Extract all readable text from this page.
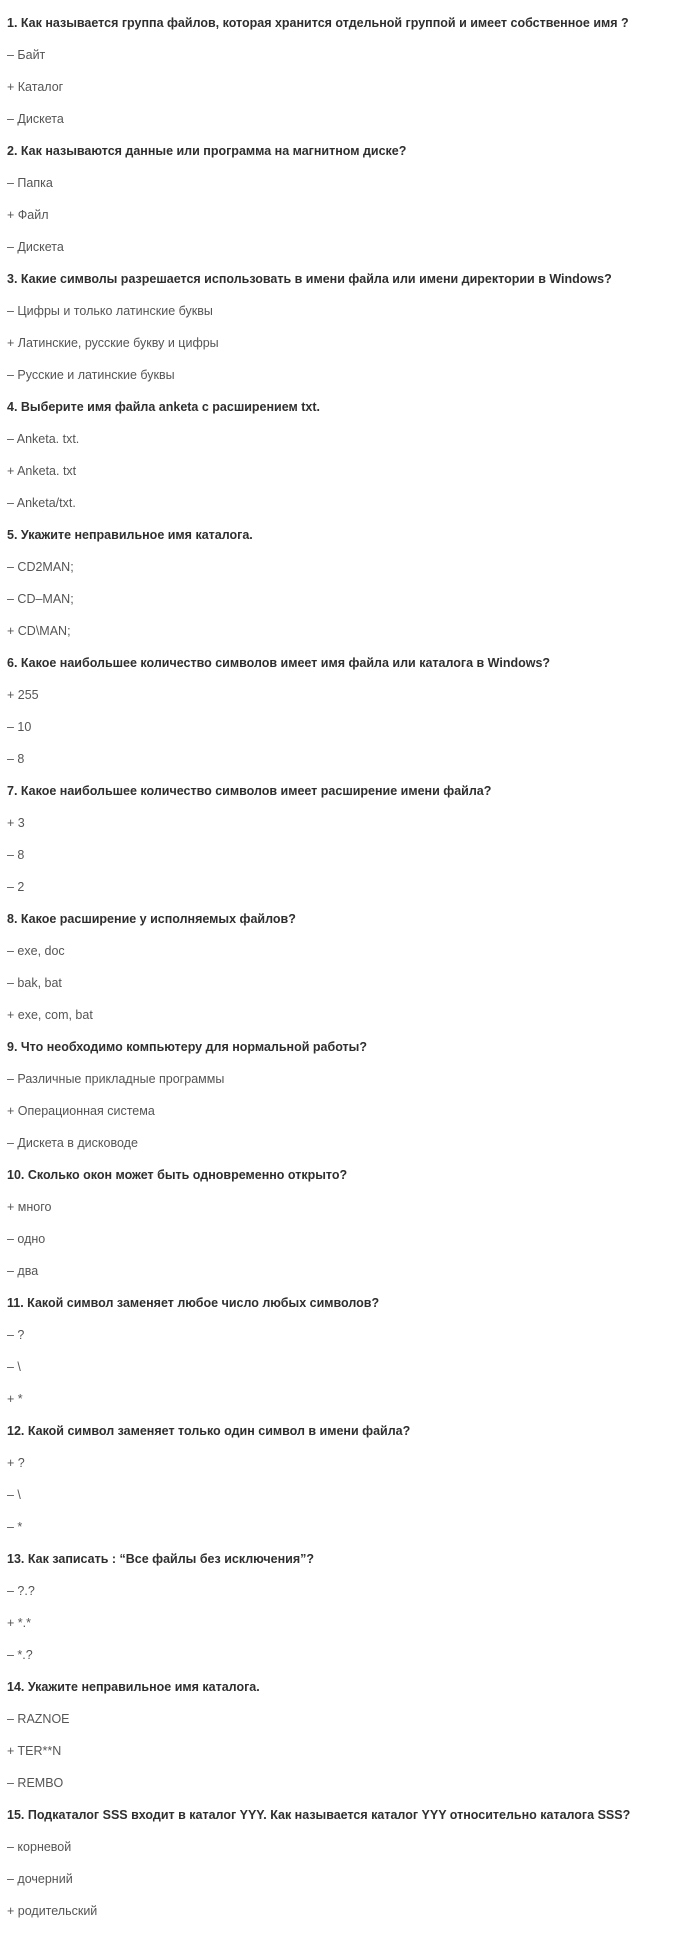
1. Как называется группа файлов, которая хранится отдельной группой и имеет собственное имя ?
– Байт
+ Каталог
– Дискета
2. Как называются данные или программа на магнитном диске?
– Папка
+ Файл
– Дискета
3. Какие символы разрешается использовать в имени файла или имени директории в Windows?
– Цифры и только латинские буквы
+ Латинские, русские букву и цифры
– Русские и латинские буквы
4. Выберите имя файла anketa с расширением txt.
– Anketa. txt.
+ Anketa. txt
– Anketa/txt.
5. Укажите неправильное имя каталога.
– CD2MAN;
– CD–MAN;
+ CD\MAN;
6. Какое наибольшее количество символов имеет имя файла или каталога в Windows?
+ 255
– 10
– 8
7. Какое наибольшее количество символов имеет расширение имени файла?
+ 3
– 8
– 2
8. Какое расширение у исполняемых файлов?
– exe, doc
– bak, bat
+ exe, com, bat
9. Что необходимо компьютеру для нормальной работы?
– Различные прикладные программы
+ Операционная система
– Дискета в дисководе
10. Сколько окон может быть одновременно открыто?
+ много
– одно
– два
11. Какой символ заменяет любое число любых символов?
– ?
– \
+ *
12. Какой символ заменяет только один символ в имени файла?
+ ?
– \
– *
13. Как записать : “Все файлы без исключения”?
– ?.?
+ *.*
– *.?
14. Укажите неправильное имя каталога.
– RAZNOE
+ TER**N
– REMBO
15. Подкаталог SSS входит в каталог YYY. Как называется каталог YYY относительно каталога SSS?
– корневой
– дочерний
+ родительский
